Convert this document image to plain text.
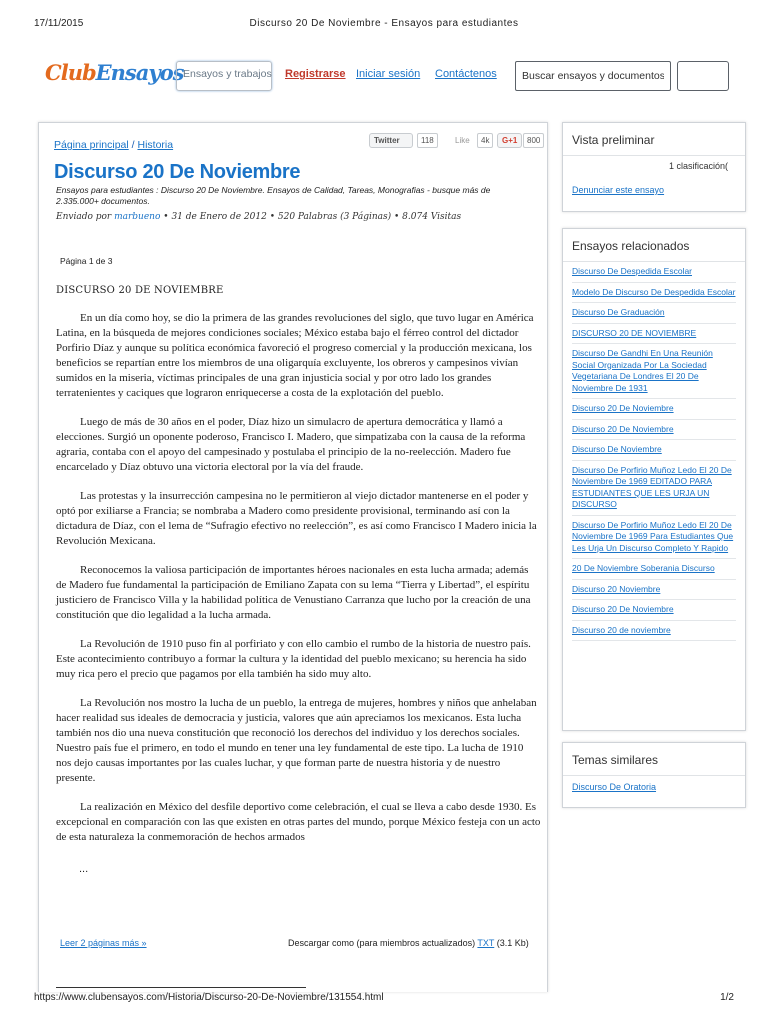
17/11/2015	Discurso 20 De Noviembre - Ensayos para estudiantes
ClubEnsayos Ensayos y trabajos Registrarse Iniciar sesión Contáctenos
Buscar ensayos y documentos..
Página principal / Historia	Twitter	118	Like	4k	G+1	800
Discurso 20 De Noviembre
Ensayos para estudiantes : Discurso 20 De Noviembre. Ensayos de Calidad, Tareas, Monografias - busque más de 2.335.000+ documentos.
Enviado por marbueno • 31 de Enero de 2012 • 520 Palabras (3 Páginas) • 8.074 Visitas
Página 1 de 3
DISCURSO 20 DE NOVIEMBRE

En un día como hoy, se dio la primera de las grandes revoluciones del siglo, que tuvo lugar en América Latina, en la búsqueda de mejores condiciones sociales; México estaba bajo el férreo control del dictador Porfirio Díaz y aunque su política económica favoreció el progreso comercial y la producción mexicana, los beneficios se repartían entre los miembros de una oligarquía excluyente, los obreros y campesinos vivían sumidos en la miseria, víctimas principales de una gran injusticia social y por otro lado los grandes terratenientes y caciques que lograron enriquecerse a costa de la explotación del pueblo.

Luego de más de 30 años en el poder, Díaz hizo un simulacro de apertura democrática y llamó a elecciones. Surgió un oponente poderoso, Francisco I. Madero, que simpatizaba con la causa de la reforma agraria, contaba con el apoyo del campesinado y postulaba el principio de la no-reelección. Madero fue encarcelado y Díaz obtuvo una victoria electoral por la vía del fraude.

Las protestas y la insurrección campesina no le permitieron al viejo dictador mantenerse en el poder y optó por exiliarse a Francia; se nombraba a Madero como presidente provisional, terminando así con la dictadura de Díaz, con el lema de “Sufragio efectivo no reelección”, es así como Francisco I Madero inicia la Revolución Mexicana.

Reconocemos la valiosa participación de importantes héroes nacionales en esta lucha armada; además de Madero fue fundamental la participación de Emiliano Zapata con su lema “Tierra y Libertad”, el espíritu justiciero de Francisco Villa y la habilidad política de Venustiano Carranza que lucho por la creación de una constitución que dio legalidad a la lucha armada.

La Revolución de 1910 puso fin al porfiriato y con ello cambio el rumbo de la historia de nuestro país. Este acontecimiento contribuyo a formar la cultura y la identidad del pueblo mexicano; su herencia ha sido muy rica pero el precio que pagamos por ella también ha sido muy alto.

La Revolución nos mostro la lucha de un pueblo, la entrega de mujeres, hombres y niños que anhelaban hacer realidad sus ideales de democracia y justicia, valores que aún apreciamos los mexicanos. Esta lucha también nos dio una nueva constitución que reconoció los derechos del individuo y los derechos sociales. Nuestro país fue el primero, en todo el mundo en tener una ley fundamental de este tipo. La lucha de 1910 nos dejo causas importantes por las cuales luchar, y que forman parte de nuestra historia y de nuestro presente.

La realización en México del desfile deportivo come celebración, el cual se lleva a cabo desde 1930. Es excepcional en comparación con las que existen en otras partes del mundo, porque México festeja con un acto de esta naturaleza la conmemoración de hechos armados

...
Leer 2 páginas más »	Descargar como (para miembros actualizados) TXT (3.1 Kb)
Vista preliminar
1 clasificación(
Denunciar este ensayo
Ensayos relacionados
Discurso De Despedida Escolar
Modelo De Discurso De Despedida Escolar
Discurso De Graduación
DISCURSO 20 DE NOVIEMBRE
Discurso De Gandhi En Una Reunión Social Organizada Por La Sociedad Vegetariana De Londres El 20 De Noviembre De 1931
Discurso 20 De Noviembre
Discurso 20 De Noviembre
Discurso De Noviembre
Discurso De Porfirio Muñoz Ledo El 20 De Noviembre De 1969 EDITADO PARA ESTUDIANTES QUE LES URJA UN DISCURSO
Discurso De Porfirio Muñoz Ledo El 20 De Noviembre De 1969 Para Estudiantes Que Les Urja Un Discurso Completo Y Rapido
20 De Noviembre Soberania Discurso
Discurso 20 Noviembre
Discurso 20 De Noviembre
Discurso 20 de noviembre
Temas similares
Discurso De Oratoria
https://www.clubensayos.com/Historia/Discurso-20-De-Noviembre/131554.html	1/2
